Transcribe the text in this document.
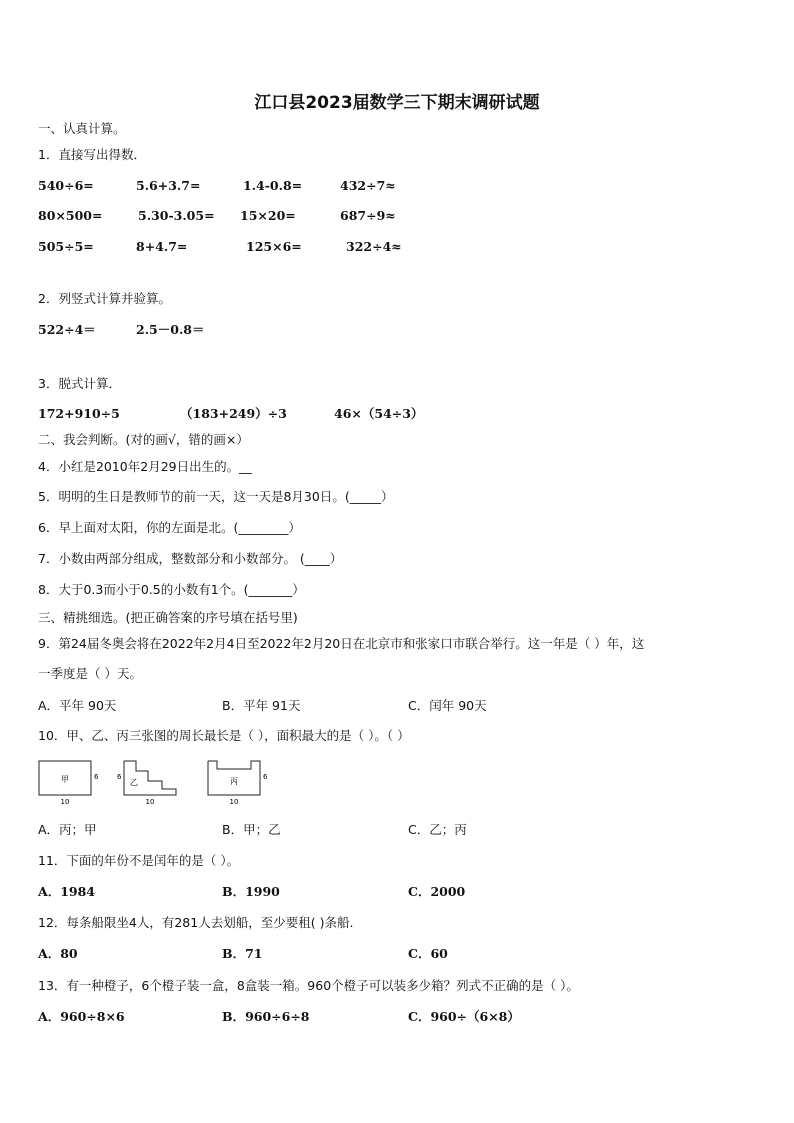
江口县2023届数学三下期末调研试题
一、认真计算。
1．直接写出得数．
540÷6=	5.6+3.7=	1.4-0.8=	432÷7≈
80×500=	5.30-3.05= 15×20=	687÷9≈
505÷5=	8+4.7=	125×6=	322÷4≈
2．列竖式计算并验算。
522÷4＝	2.5－0.8＝
3．脱式计算．
172+910÷5	（183+249）÷3	46×（54÷3）
二、我会判断。(对的画√，错的画×）
4．小红是2010年2月29日出生的。__
5．明明的生日是教师节的前一天，这一天是8月30日。(_____）
6．早上面对太阳，你的左面是北。(________）
7．小数由两部分组成，整数部分和小数部分。 (____）
8．大于0.3而小于0.5的小数有1个。(_______）
三、精挑细选。(把正确答案的序号填在括号里)
9．第24届冬奥会将在2022年2月4日至2022年2月20日在北京市和张家口市联合举行。这一年是（ ）年，这
一季度是（ ）天。
A．平年 90天	B．平年 91天	C．闰年 90天
10．甲、乙、丙三张图的周长最长是（ ），面积最大的是（ ）。（ ）
甲	6
10
乙
6
10
丙	6
10
A．丙；甲	B．甲；乙	C．乙；丙
11．下面的年份不是闰年的是（ ）。
A．1984	B．1990	C．2000
12．每条船限坐4人，有281人去划船，至少要租( )条船.
A．80	B．71	C．60
13．有一种橙子，6个橙子装一盒，8盒装一箱。960个橙子可以装多少箱？列式不正确的是（ ）。
A．960÷8×6	B．960÷6÷8	C．960÷（6×8）
